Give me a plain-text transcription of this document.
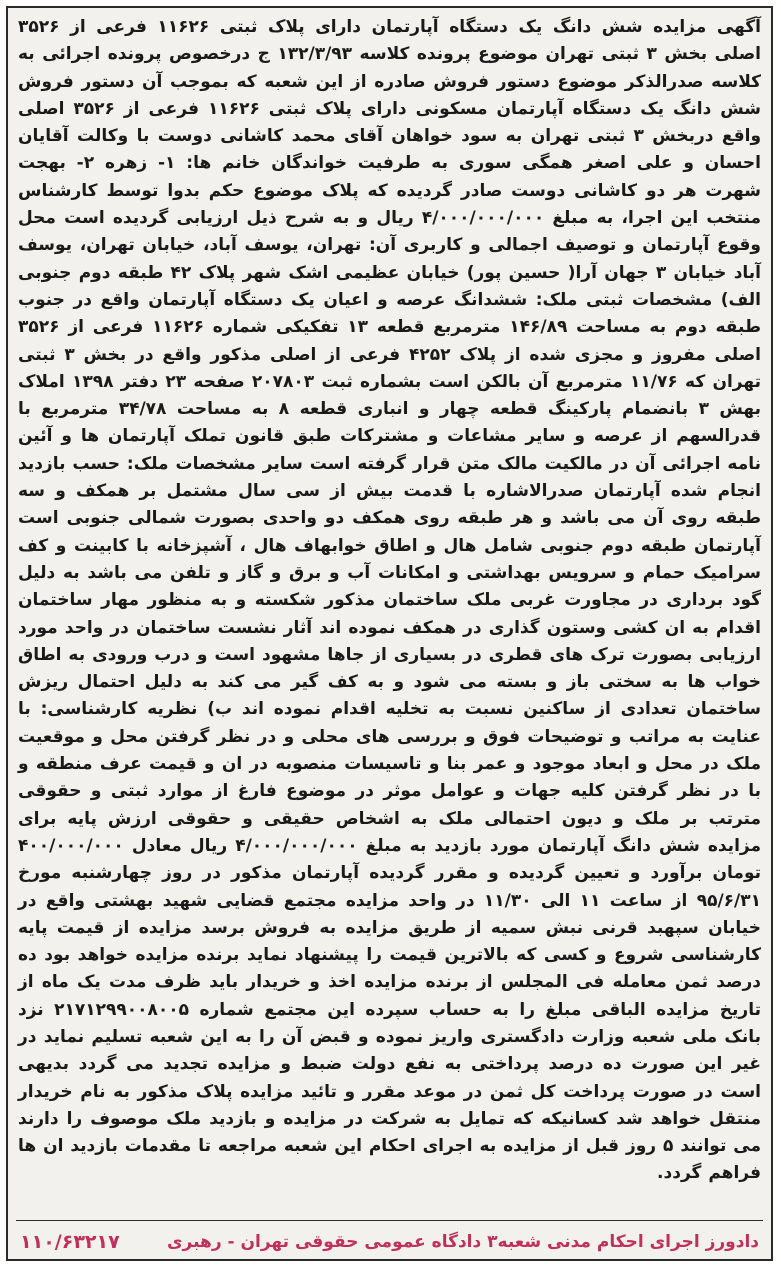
آگهی مزایده شش دانگ یک دستگاه آپارتمان دارای پلاک ثبتی ۱۱۶۲۶ فرعی از ۳۵۲۶ اصلی بخش ۳ ثبتی تهران موضوع پرونده کلاسه ۱۳۲/۳/۹۳ ج درخصوص پرونده اجرائی به کلاسه صدرالذکر موضوع دستور فروش صادره از این شعبه که بموجب آن دستور فروش شش دانگ یک دستگاه آپارتمان مسکونی دارای پلاک ثبتی ۱۱۶۲۶ فرعی از ۳۵۲۶ اصلی واقع دربخش ۳ ثبتی تهران به سود خواهان آقای محمد کاشانی دوست با وکالت آقایان احسان و علی اصغر همگی سوری به طرفیت خواندگان خانم ها: ۱- زهره ۲- بهجت شهرت هر دو کاشانی دوست صادر گردیده که پلاک موضوع حکم بدوا توسط کارشناس منتخب این اجرا، به مبلغ ۴/۰۰۰/۰۰۰/۰۰۰ ریال و به شرح ذیل ارزیابی گردیده است محل وقوع آپارتمان و توصیف اجمالی و کاربری آن: تهران، یوسف آباد، خیابان تهران، یوسف آباد خیابان ۳ جهان آرا( حسین پور) خیابان عظیمی اشک شهر پلاک ۴۲ طبقه دوم جنوبی الف) مشخصات ثبتی ملک: ششدانگ عرصه و اعیان یک دستگاه آپارتمان واقع در جنوب طبقه دوم به مساحت ۱۴۶/۸۹ مترمربع قطعه ۱۳ تفکیکی شماره ۱۱۶۲۶ فرعی از ۳۵۲۶ اصلی مفروز و مجزی شده از پلاک ۴۲۵۲ فرعی از اصلی مذکور واقع در بخش ۳ ثبتی تهران که ۱۱/۷۶ مترمربع آن بالکن است بشماره ثبت ۲۰۷۸۰۳ صفحه ۲۳ دفتر ۱۳۹۸ املاک بهش ۳ بانضمام پارکینگ قطعه چهار و انباری قطعه ۸ به مساحت ۳۴/۷۸ مترمربع با قدرالسهم از عرصه و سایر مشاعات و مشترکات طبق قانون تملک آپارتمان ها و آئین نامه اجرائی آن در مالکیت مالک متن قرار گرفته است سایر مشخصات ملک: حسب بازدید انجام شده آپارتمان صدرالاشاره با قدمت بیش از سی سال مشتمل بر همکف و سه طبقه روی آن می باشد و هر طبقه روی همکف دو واحدی بصورت شمالی جنوبی است آپارتمان طبقه دوم جنوبی شامل هال و اطاق خوابهاف هال ، آشپزخانه با کابینت و کف سرامیک حمام و سرویس بهداشتی و امکانات آب و برق و گاز و تلفن می باشد به دلیل گود برداری در مجاورت غربی ملک ساختمان مذکور شکسته و به منظور مهار ساختمان اقدام به ان کشی وستون گذاری در همکف نموده اند آثار نشست ساختمان در واحد مورد ارزیابی بصورت ترک های قطری در بسیاری از جاها مشهود است و درب ورودی به اطاق خواب ها به سختی باز و بسته می شود و به کف گیر می کند به دلیل احتمال ریزش ساختمان تعدادی از ساکنین نسبت به تخلیه اقدام نموده اند ب) نظریه کارشناسی: با عنایت به مراتب و توضیحات فوق و بررسی های محلی و در نظر گرفتن محل و موقعیت ملک در محل و ابعاد موجود و عمر بنا و تاسیسات منصوبه در ان و قیمت عرف منطقه و با در نظر گرفتن کلیه جهات و عوامل موثر در موضوع فارغ از موارد ثبتی و حقوقی مترتب بر ملک و دیون احتمالی ملک به اشخاص حقیقی و حقوقی ارزش پایه برای مزایده شش دانگ آپارتمان مورد بازدید به مبلغ ۴/۰۰۰/۰۰۰/۰۰۰ ریال معادل ۴۰۰/۰۰۰/۰۰۰ تومان برآورد و تعیین گردیده و مقرر گردیده آپارتمان مذکور در روز چهارشنبه مورخ ۹۵/۶/۳۱ از ساعت ۱۱ الی ۱۱/۳۰ در واحد مزایده مجتمع قضایی شهید بهشتی واقع در خیابان سپهبد قرنی نبش سمیه از طریق مزایده به فروش برسد مزایده از قیمت پایه کارشناسی شروع و کسی که بالاترین قیمت را پیشنهاد نماید برنده مزایده خواهد بود ده درصد ثمن معامله فی المجلس از برنده مزایده اخذ و خریدار باید ظرف مدت یک ماه از تاریخ مزایده الباقی مبلغ را به حساب سپرده این مجتمع شماره ۲۱۷۱۲۹۹۰۰۸۰۰۵ نزد بانک ملی شعبه وزارت دادگستری واریز نموده و قبض آن را به این شعبه تسلیم نماید در غیر این صورت ده درصد پرداختی به نفع دولت ضبط و مزایده تجدید می گردد بدیهی است در صورت پرداخت کل ثمن در موعد مقرر و تائید مزایده پلاک مذکور به نام خریدار منتقل خواهد شد کسانیکه که تمایل به شرکت در مزایده و بازدید ملک موصوف را دارند می توانند ۵ روز قبل از مزایده به اجرای احکام این شعبه مراجعه تا مقدمات بازدید ان ها فراهم گردد.

دادورز اجرای احکام مدنی شعبه۳ دادگاه عمومی حقوقی تهران - رهبری
۱۱۰/۶۳۲۱۷
